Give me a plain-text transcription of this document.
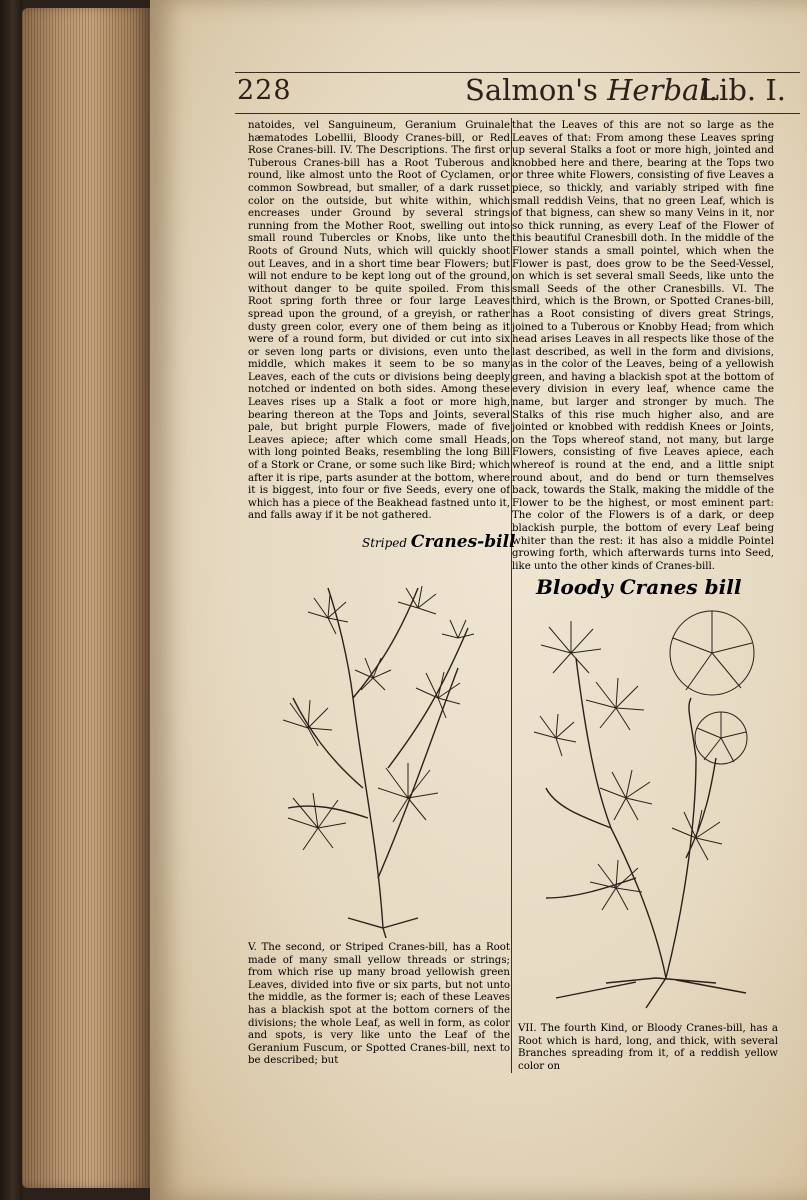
228	Salmon's Herbal.
Lib. I.

natoides, vel Sanguineum, Geranium Gruinale hæmatodes Lobellii, Bloody Cranes-bill, or Red Rose Cranes-bill. IV. The Descriptions. The first or Tuberous Cranes-bill has a Root Tuberous and round, like almost unto the Root of Cyclamen, or common Sowbread, but smaller, of a dark russet color on the outside, but white within, which encreases under Ground by several strings running from the Mother Root, swelling out into small round Tubercles or Knobs, like unto the Roots of Ground Nuts, which will quickly shoot out Leaves, and in a short time bear Flowers; but will not endure to be kept long out of the ground, without danger to be quite spoiled. From this Root spring forth three or four large Leaves spread upon the ground, of a greyish, or rather dusty green color, every one of them being as it were of a round form, but divided or cut into six or seven long parts or divisions, even unto the middle, which makes it seem to be so many Leaves, each of the cuts or divisions being deeply notched or indented on both sides. Among these Leaves rises up a Stalk a foot or more high, bearing thereon at the Tops and Joints, several pale, but bright purple Flowers, made of five Leaves apiece; after which come small Heads, with long pointed Beaks, resembling the long Bill of a Stork or Crane, or some such like Bird; which after it is ripe, parts asunder at the bottom, where it is biggest, into four or five Seeds, every one of which has a piece of the Beakhead fastned unto it, and falls away if it be not gathered.

that the Leaves of this are not so large as the Leaves of that: From among these Leaves spring up several Stalks a foot or more high, jointed and knobbed here and there, bearing at the Tops two or three white Flowers, consisting of five Leaves a piece, so thickly, and variably striped with fine small reddish Veins, that no green Leaf, which is of that bigness, can shew so many Veins in it, nor so thick running, as every Leaf of the Flower of this beautiful Cranesbill doth. In the middle of the Flower stands a small pointel, which when the Flower is past, does grow to be the Seed-Vessel, on which is set several small Seeds, like unto the small Seeds of the other Cranesbills. VI. The third, which is the Brown, or Spotted Cranes-bill, has a Root consisting of divers great Strings, joined to a Tuberous or Knobby Head; from which head arises Leaves in all respects like those of the last described, as well in the form and divisions, as in the color of the Leaves, being of a yellowish green, and having a blackish spot at the bottom of every division in every leaf, whence came the name, but larger and stronger by much. The Stalks of this rise much higher also, and are jointed or knobbed with reddish Knees or Joints, on the Tops whereof stand, not many, but large Flowers, consisting of five Leaves apiece, each whereof is round at the end, and a little snipt round about, and do bend or turn themselves back, towards the Stalk, making the middle of the Flower to be the highest, or most eminent part: The color of the Flowers is of a dark, or deep blackish purple, the bottom of every Leaf being whiter than the rest: it has also a middle Pointel growing forth, which afterwards turns into Seed, like unto the other kinds of Cranes-bill.

Striped Cranes-bill
Bloody Cranes bill

V. The second, or Striped Cranes-bill, has a Root made of many small yellow threads or strings; from which rise up many broad yellowish green Leaves, divided into five or six parts, but not unto the middle, as the former is; each of these Leaves has a blackish spot at the bottom corners of the divisions; the whole Leaf, as well in form, as color and spots, is very like unto the Leaf of the Geranium Fuscum, or Spotted Cranes-bill, next to be described; but

VII. The fourth Kind, or Bloody Cranes-bill, has a Root which is hard, long, and thick, with several Branches spreading from it, of a reddish yellow color on
